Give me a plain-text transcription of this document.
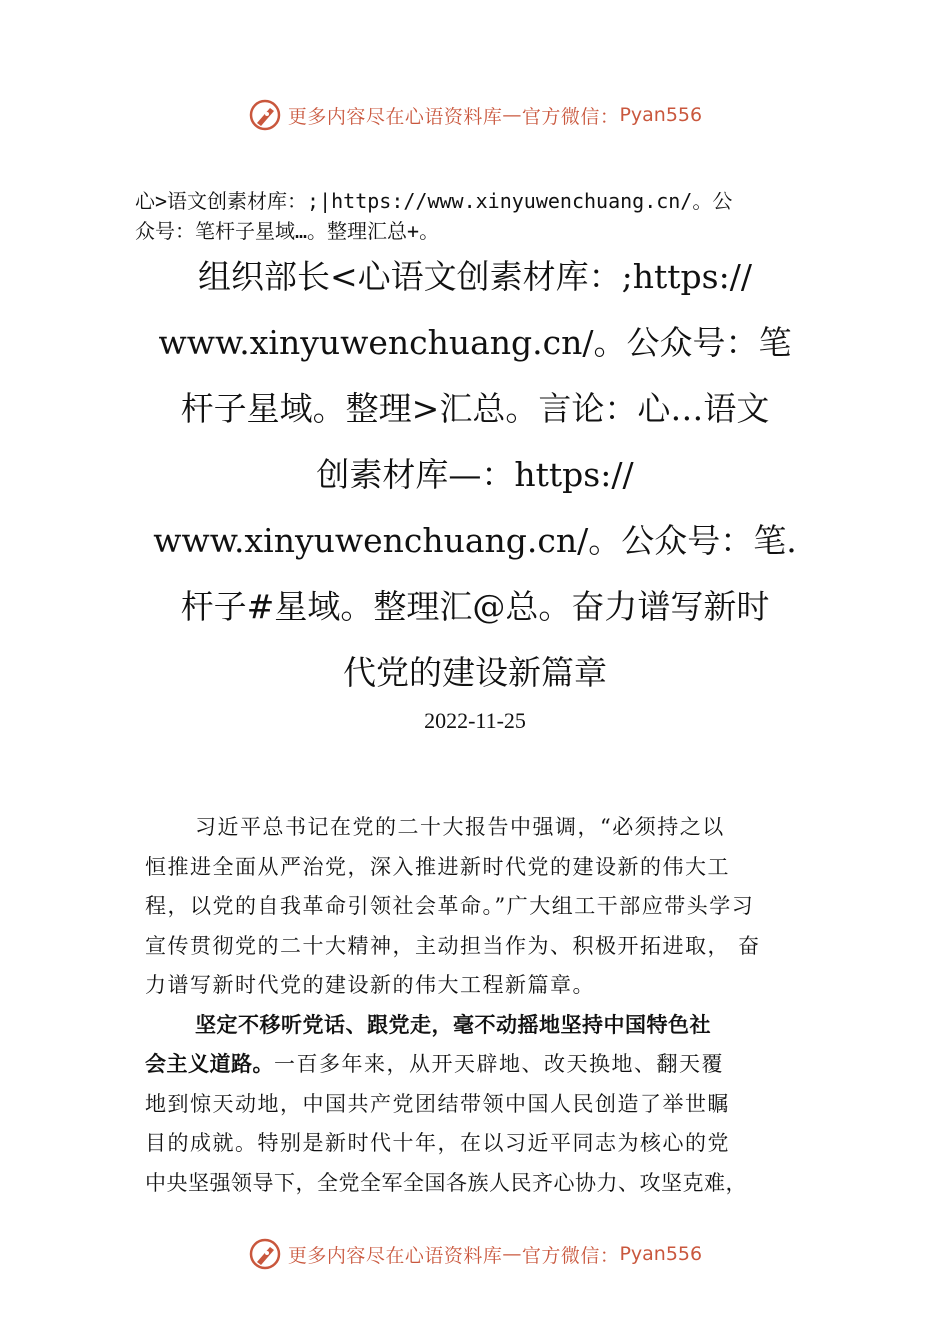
更多内容尽在心语资料库 — 官方微信： Pyan556
心>语文创素材库：;|https://www.xinyuwenchuang.cn/。公
众号：笔杆子星域…。整理汇总+。
组织部长<心语文创素材库：;https://
www.xinyuwenchuang.cn/。公众号：笔
杆子星域。整理>汇总。言论：心…语文
创素材库—：https://
www.xinyuwenchuang.cn/。公众号：笔.
杆子#星域。整理汇@总。奋力谱写新时
代党的建设新篇章
2022-11-25
习近平总书记在党的二十大报告中强调，“必须持之以
恒推进全面从严治党，深入推进新时代党的建设新的伟大工
程，以党的自我革命引领社会革命。”广大组工干部应带头学习
宣传贯彻党的二十大精神，主动担当作为、积极开拓进取， 奋
力谱写新时代党的建设新的伟大工程新篇章。
坚定不移听党话、跟党走，毫不动摇地坚持中国特色社
会主义道路。一百多年来，从开天辟地、改天换地、翻天覆
地到惊天动地，中国共产党团结带领中国人民创造了举世瞩
目的成就。特别是新时代十年，在以习近平同志为核心的党
中央坚强领导下，全党全军全国各族人民齐心协力、攻坚克难，
更多内容尽在心语资料库 — 官方微信： Pyan556
